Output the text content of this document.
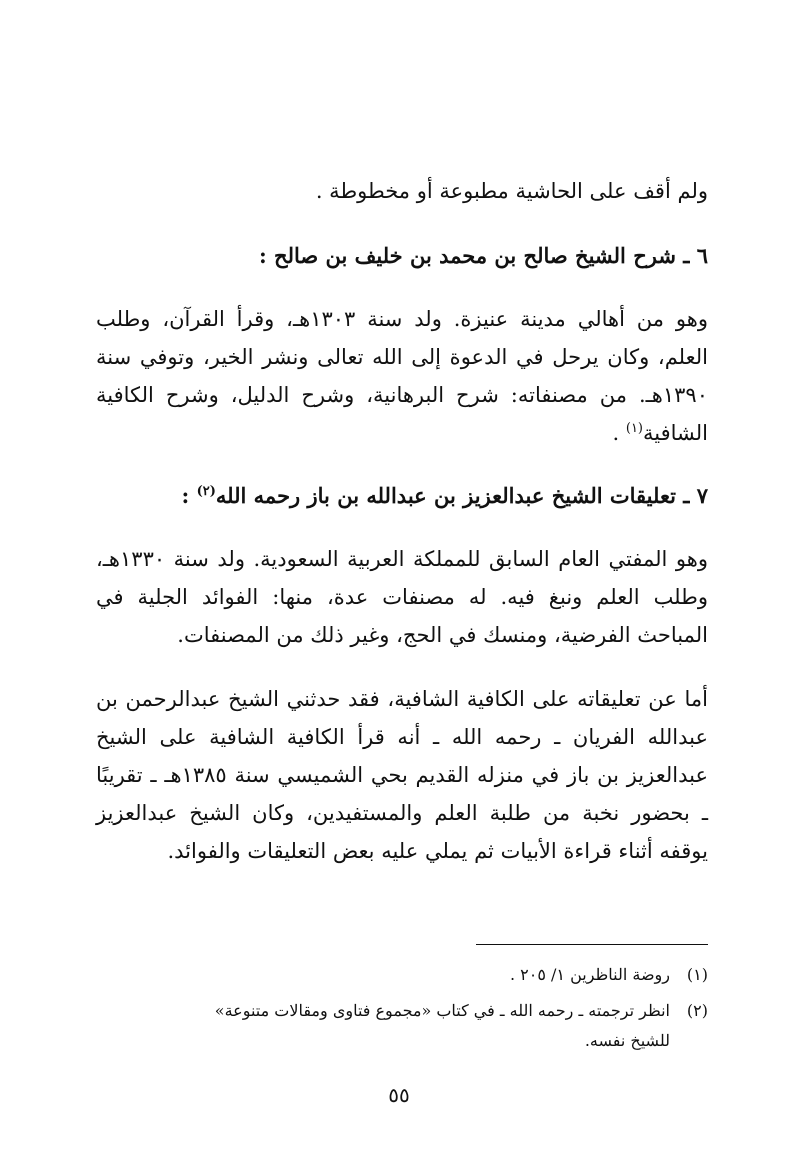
ولم أقف على الحاشية مطبوعة أو مخطوطة .
٦ ـ شرح الشيخ صالح بن محمد بن خليف بن صالح :
وهو من أهالي مدينة عنيزة. ولد سنة ١٣٠٣هـ، وقرأ القرآن، وطلب العلم، وكان يرحل في الدعوة إلى الله تعالى ونشر الخير، وتوفي سنة ١٣٩٠هـ. من مصنفاته: شرح البرهانية، وشرح الدليل، وشرح الكافية الشافية$^{(١)}$ .
٧ ـ تعليقات الشيخ عبدالعزيز بن عبدالله بن باز رحمه الله$^{(٢)}$ :
وهو المفتي العام السابق للمملكة العربية السعودية. ولد سنة ١٣٣٠هـ، وطلب العلم ونبغ فيه. له مصنفات عدة، منها: الفوائد الجلية في المباحث الفرضية، ومنسك في الحج، وغير ذلك من المصنفات.
أما عن تعليقاته على الكافية الشافية، فقد حدثني الشيخ عبدالرحمن بن عبدالله الفريان ـ رحمه الله ـ أنه قرأ الكافية الشافية على الشيخ عبدالعزيز بن باز في منزله القديم بحي الشميسي سنة ١٣٨٥هـ ـ تقريبًا ـ بحضور نخبة من طلبة العلم والمستفيدين، وكان الشيخ عبدالعزيز يوقفه أثناء قراءة الأبيات ثم يملي عليه بعض التعليقات والفوائد.
(١)روضة الناظرين ١/ ٢٠٥ .
(٢)انظر ترجمته ـ رحمه الله ـ في كتاب «مجموع فتاوى ومقالات متنوعة»
للشيخ نفسه.
٥٥
